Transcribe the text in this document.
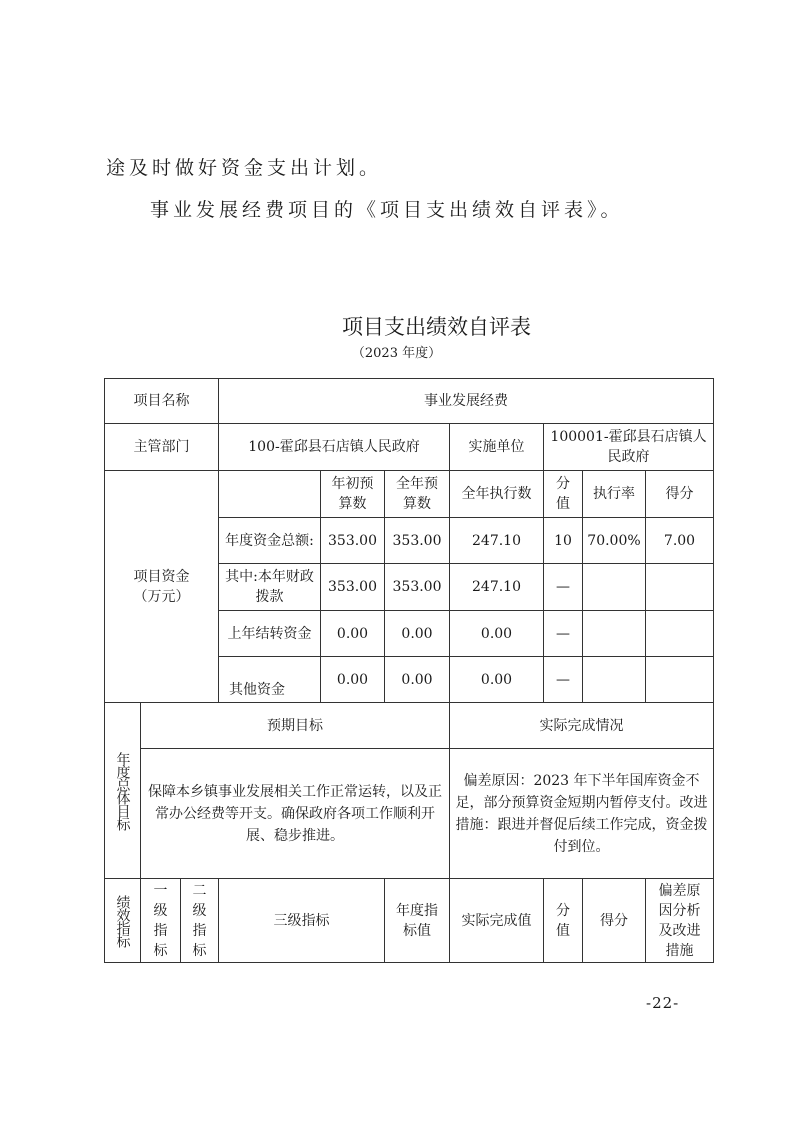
途及时做好资金支出计划。
事业发展经费项目的《项目支出绩效自评表》。
项目支出绩效自评表
（2023 年度）
项目名称			事业发展经费						
主管部门			100-霍邱县石店镇人民政府			实施单位	100001-霍邱县石店镇人民政府		
项目资金（万元）				年初预算数	全年预算数	全年执行数	分值	执行率	得分
			年度资金总额:	353.00	353.00	247.10	10	70.00%	7.00
			其中:本年财政拨款	353.00	353.00	247.10	—		
			上年结转资金	0.00	0.00	0.00	—		
			其他资金	0.00	0.00	0.00	—		

年度总体目标	预期目标					实际完成情况			
	保障本乡镇事业发展相关工作正常运转，以及正常办公经费等开支。确保政府各项工作顺利开展、稳步推进。					偏差原因：2023 年下半年国库资金不足，部分预算资金短期内暂停支付。改进措施：跟进并督促后续工作完成，资金拨付到位。			

绩效指标	一级指标	二级指标	三级指标		年度指标值	实际完成值	分值	得分	偏差原因分析及改进措施
-22-
